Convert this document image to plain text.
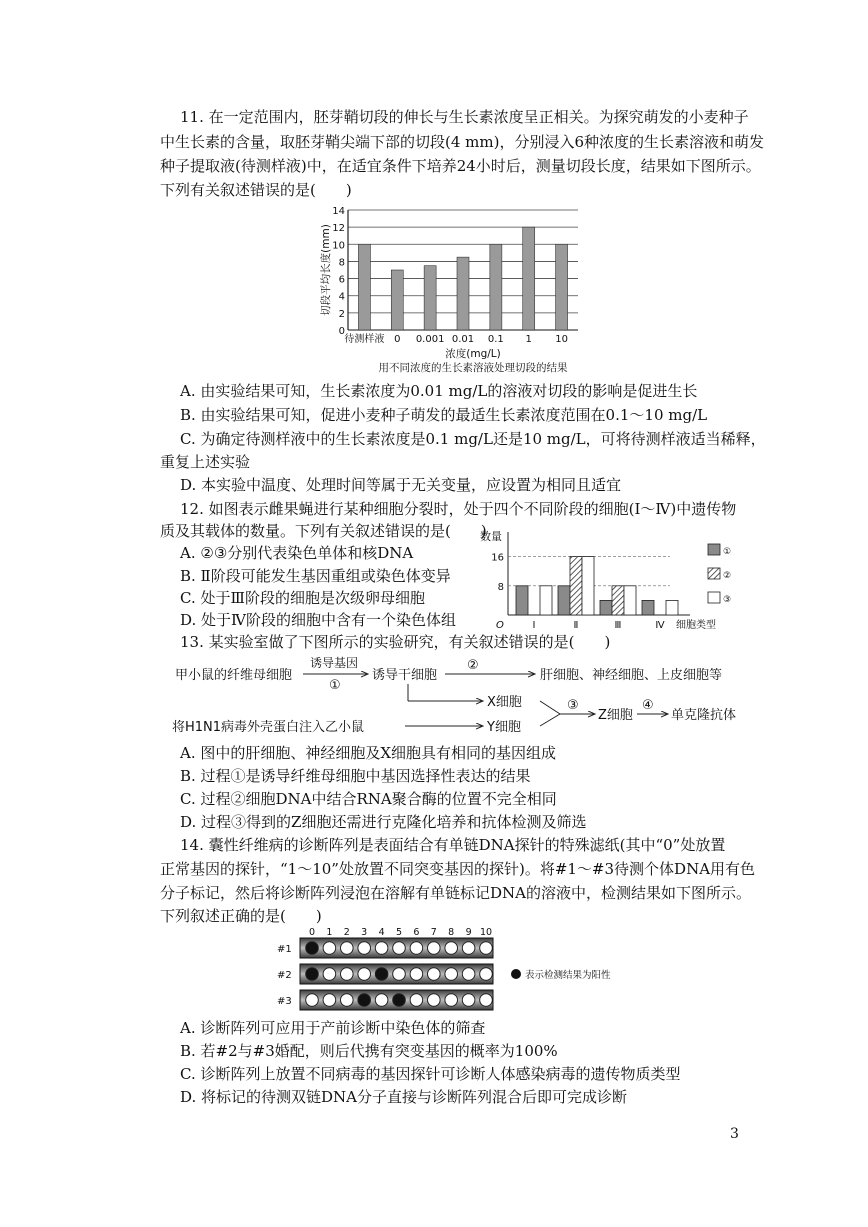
11. 在一定范围内，胚芽鞘切段的伸长与生长素浓度呈正相关。为探究萌发的小麦种子

中生长素的含量，取胚芽鞘尖端下部的切段(4 mm)，分别浸入6种浓度的生长素溶液和萌发

种子提取液(待测样液)中，在适宜条件下培养24小时后，测量切段长度，结果如下图所示。

下列有关叙述错误的是(　　)

0
2
4
6
8
10
12
14
待测样液 0 0.001 0.01 0.1 1 10
切段平均长度(mm)
浓度(mg/L)
用不同浓度的生长素溶液处理切段的结果

A. 由实验结果可知，生长素浓度为0.01 mg/L的溶液对切段的影响是促进生长

B. 由实验结果可知，促进小麦种子萌发的最适生长素浓度范围在0.1～10 mg/L

C. 为确定待测样液中的生长素浓度是0.1 mg/L还是10 mg/L，可将待测样液适当稀释，

重复上述实验

D. 本实验中温度、处理时间等属于无关变量，应设置为相同且适宜

12. 如图表示雌果蝇进行某种细胞分裂时，处于四个不同阶段的细胞(Ⅰ～Ⅳ)中遗传物

质及其载体的数量。下列有关叙述错误的是(　　)

A. ②③分别代表染色单体和核DNA

B. Ⅱ阶段可能发生基因重组或染色体变异

C. 处于Ⅲ阶段的细胞是次级卵母细胞

D. 处于Ⅳ阶段的细胞中含有一个染色体组

数量
8
16
O	Ⅰ	Ⅱ	Ⅲ	Ⅳ 细胞类型
①
②
③

13. 某实验室做了下图所示的实验研究，有关叙述错误的是(　　)

甲小鼠的纤维母细胞
诱导基因
①
诱导干细胞
②
肝细胞、神经细胞、上皮细胞等
X细胞
将H1N1病毒外壳蛋白注入乙小鼠	Y细胞
③
Z细胞
④
单克隆抗体

A. 图中的肝细胞、神经细胞及X细胞具有相同的基因组成

B. 过程①是诱导纤维母细胞中基因选择性表达的结果

C. 过程②细胞DNA中结合RNA聚合酶的位置不完全相同

D. 过程③得到的Z细胞还需进行克隆化培养和抗体检测及筛选

14. 囊性纤维病的诊断阵列是表面结合有单链DNA探针的特殊滤纸(其中“0”处放置

正常基因的探针，“1～10”处放置不同突变基因的探针)。将#1～#3待测个体DNA用有色

分子标记，然后将诊断阵列浸泡在溶解有单链标记DNA的溶液中，检测结果如下图所示。

下列叙述正确的是(　　)

0 1 2 3 4 5 6 7 8 9 10
#1
#2
#3
表示检测结果为阳性

A. 诊断阵列可应用于产前诊断中染色体的筛查

B. 若#2与#3婚配，则后代携有突变基因的概率为100%

C. 诊断阵列上放置不同病毒的基因探针可诊断人体感染病毒的遗传物质类型

D. 将标记的待测双链DNA分子直接与诊断阵列混合后即可完成诊断

3
